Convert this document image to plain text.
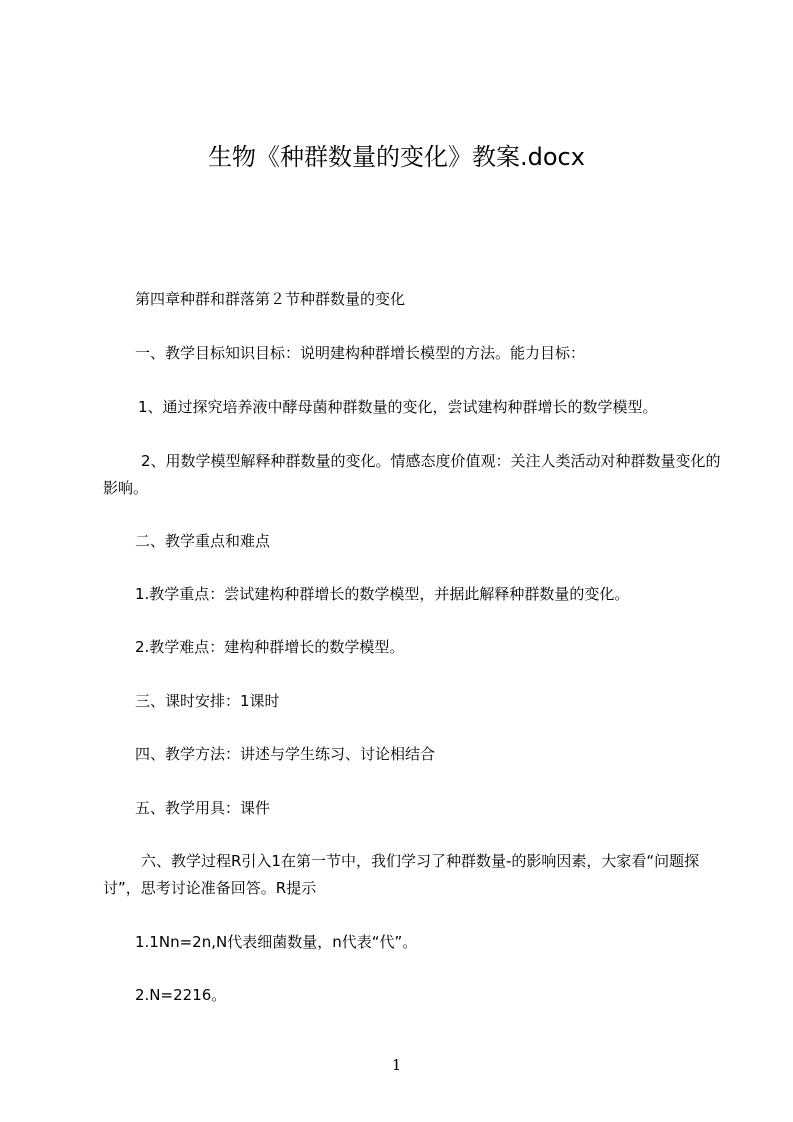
生物《种群数量的变化》教案.docx
第四章种群和群落第２节种群数量的变化
一、教学目标知识目标：说明建构种群增长模型的方法。能力目标：
1、通过探究培养液中酵母菌种群数量的变化，尝试建构种群增长的数学模型。
2、用数学模型解释种群数量的变化。情感态度价值观：关注人类活动对种群数量变化的影响。
二、教学重点和难点
1.教学重点：尝试建构种群增长的数学模型，并据此解释种群数量的变化。
2.教学难点：建构种群增长的数学模型。
三、课时安排：1课时
四、教学方法：讲述与学生练习、讨论相结合
五、教学用具：课件
六、教学过程R引入1在第一节中，我们学习了种群数量-的影响因素，大家看“问题探讨”，思考讨论准备回答。R提示
1.1Nn=2n,N代表细菌数量，n代表“代”。
2.N=2216。
1
